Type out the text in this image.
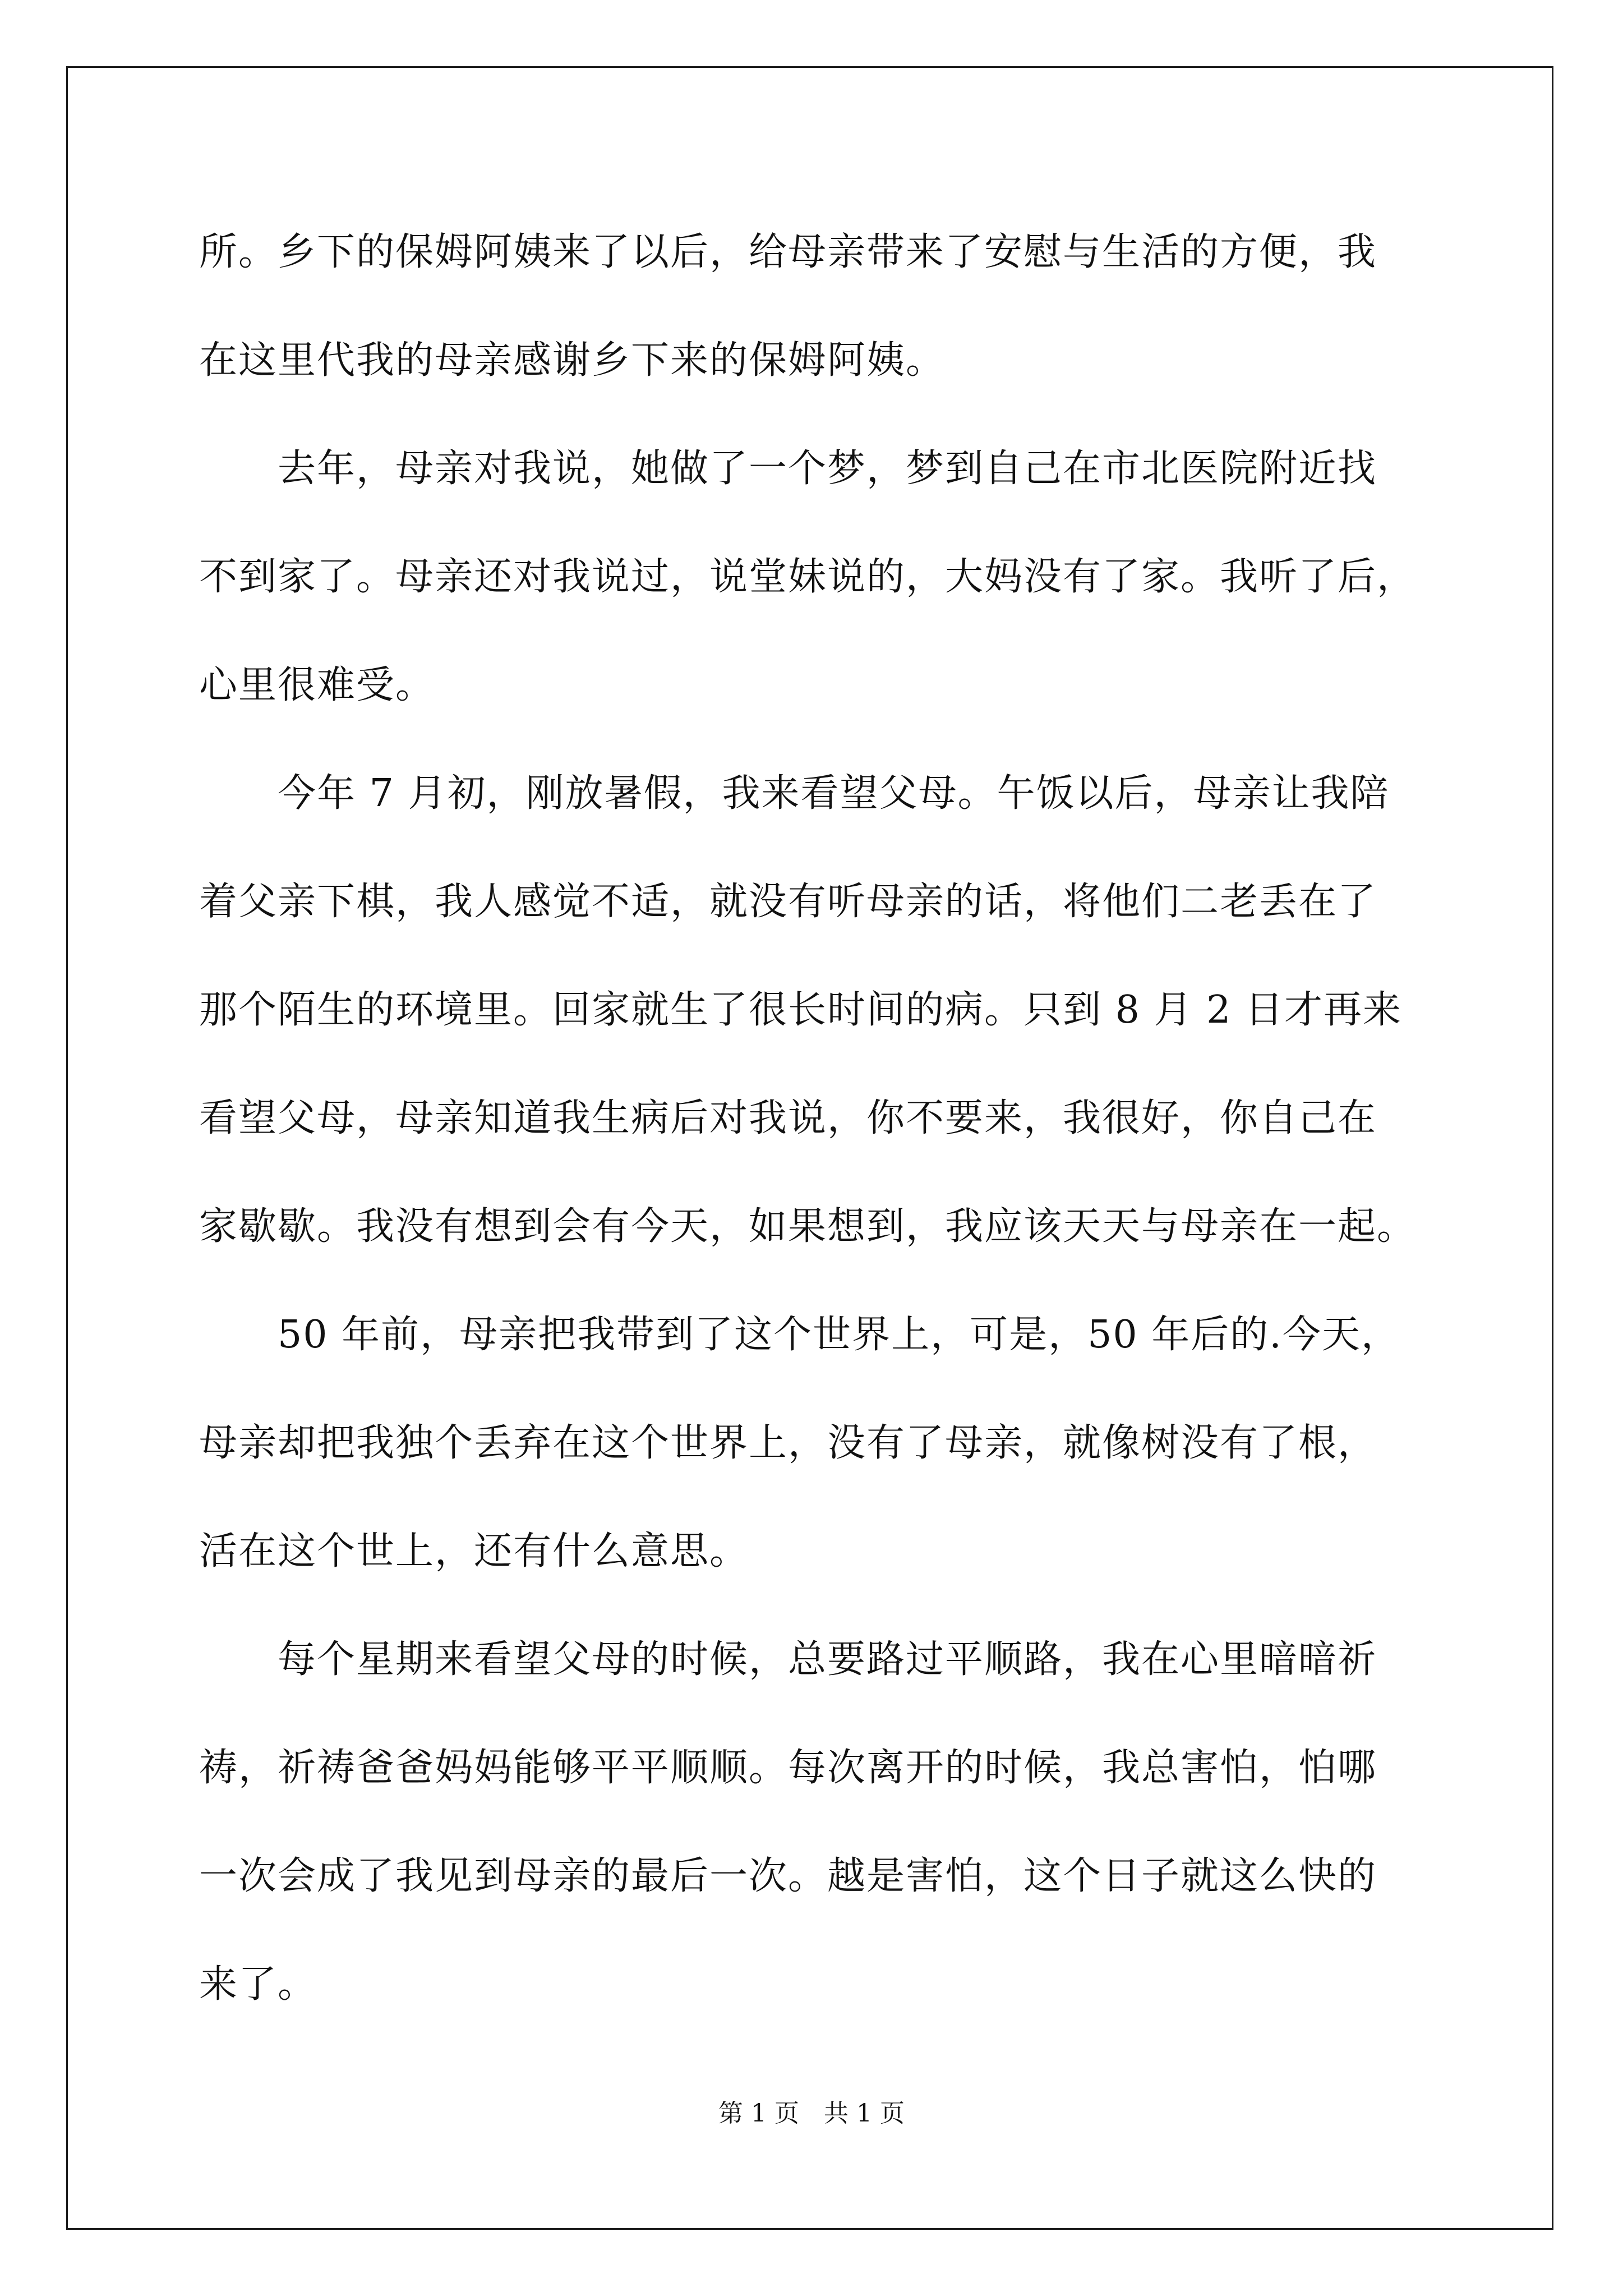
所。乡下的保姆阿姨来了以后，给母亲带来了安慰与生活的方便，我
在这里代我的母亲感谢乡下来的保姆阿姨。
　　去年，母亲对我说，她做了一个梦，梦到自己在市北医院附近找
不到家了。母亲还对我说过，说堂妹说的，大妈没有了家。我听了后，
心里很难受。
　　今年 7 月初，刚放暑假，我来看望父母。午饭以后，母亲让我陪
着父亲下棋，我人感觉不适，就没有听母亲的话，将他们二老丢在了
那个陌生的环境里。回家就生了很长时间的病。只到 8 月 2 日才再来
看望父母，母亲知道我生病后对我说，你不要来，我很好，你自己在
家歇歇。我没有想到会有今天，如果想到，我应该天天与母亲在一起。
　　50 年前，母亲把我带到了这个世界上，可是，50 年后的.今天，
母亲却把我独个丢弃在这个世界上，没有了母亲，就像树没有了根，
活在这个世上，还有什么意思。
　　每个星期来看望父母的时候，总要路过平顺路，我在心里暗暗祈
祷，祈祷爸爸妈妈能够平平顺顺。每次离开的时候，我总害怕，怕哪
一次会成了我见到母亲的最后一次。越是害怕，这个日子就这么快的
来了。
第 1 页　共 1 页
